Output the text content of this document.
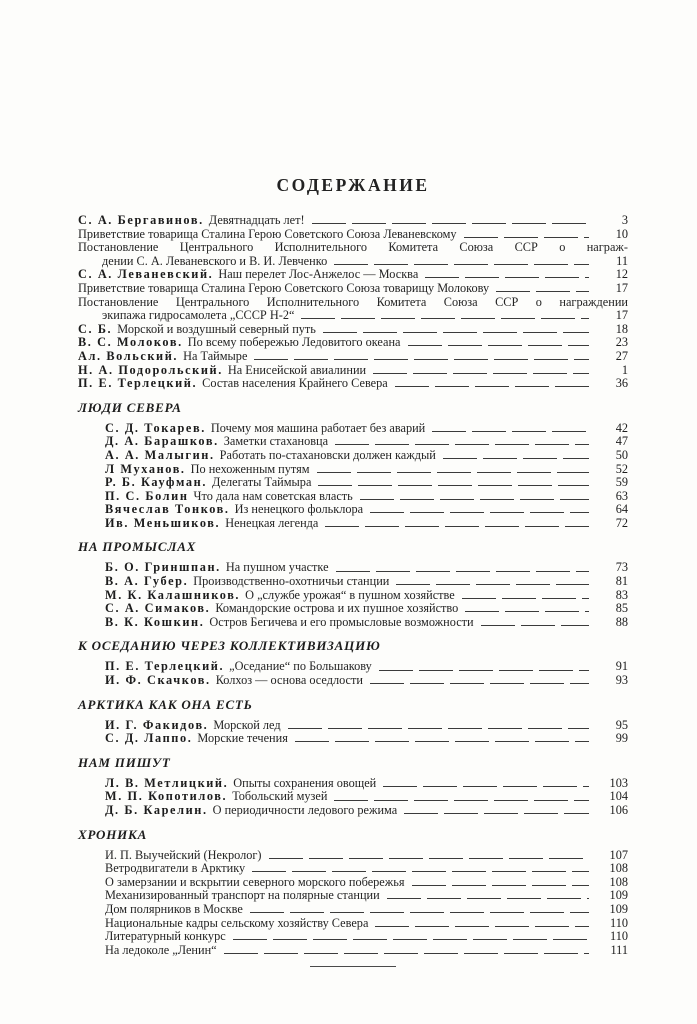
СОДЕРЖАНИЕ
С. А. Бергавинов. Девятнадцать лет!	3
Приветствие товарища Сталина Герою Советского Союза Леваневскому	10
Постановление Центрального Исполнительного Комитета Союза ССР о награж-
дении С. А. Леваневского и В. И. Левченко	11
С. А. Леваневский. Наш перелет Лос-Анжелос — Москва	12
Приветствие товарища Сталина Герою Советского Союза товарищу Молокову	17
Постановление Центрального Исполнительного Комитета Союза ССР о награждении
экипажа гидросамолета „СССР Н-2“	17
С. Б. Морской и воздушный северный путь	18
В. С. Молоков. По всему побережью Ледовитого океана	23
Ал. Вольский. На Таймыре	27
Н. А. Подорольский. На Енисейской авиалинии	1
П. Е. Терлецкий. Состав населения Крайнего Севера	36
ЛЮДИ СЕВЕРА
С. Д. Токарев. Почему моя машина работает без аварий	42
Д. А. Барашков. Заметки стахановца	47
А. А. Малыгин. Работать по-стахановски должен каждый	50
Л Муханов. По нехоженным путям	52
Р. Б. Кауфман. Делегаты Таймыра	59
П. С. Болин Что дала нам советская власть	63
Вячеслав Тонков. Из ненецкого фольклора	64
Ив. Меньшиков. Ненецкая легенда	72
НА ПРОМЫСЛАХ
Б. О. Гриншпан. На пушном участке	73
В. А. Губер. Производственно-охотничьи станции	81
М. К. Калашников. О „службе урожая“ в пушном хозяйстве	83
С. А. Симаков. Командорские острова и их пушное хозяйство	85
В. К. Кошкин. Остров Бегичева и его промысловые возможности	88
К ОСЕДАНИЮ ЧЕРЕЗ КОЛЛЕКТИВИЗАЦИЮ
П. Е. Терлецкий. „Оседание“ по Большакову	91
И. Ф. Скачков. Колхоз — основа оседлости	93
АРКТИКА КАК ОНА ЕСТЬ
И. Г. Факидов. Морской лед	95
С. Д. Лаппо. Морские течения	99
НАМ ПИШУТ
Л. В. Метлицкий. Опыты сохранения овощей	103
М. П. Копотилов. Тобольский музей	104
Д. Б. Карелин. О периодичности ледового режима	106
ХРОНИКА
И. П. Выучейский (Некролог)	107
Ветродвигатели в Арктику	108
О замерзании и вскрытии северного морского побережья	108
Механизированный транспорт на полярные станции	109
Дом полярников в Москве	109
Национальные кадры сельскому хозяйству Севера	110
Литературный конкурс	110
На ледоколе „Ленин“	111
